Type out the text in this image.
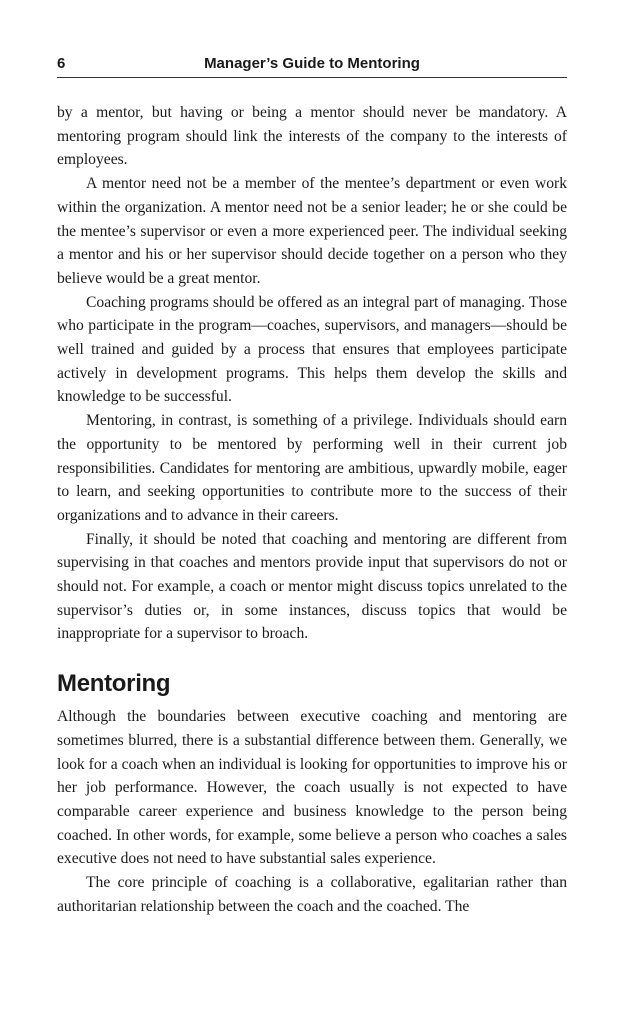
6	Manager’s Guide to Mentoring

by a mentor, but having or being a mentor should never be mandatory. A mentoring program should link the interests of the company to the interests of employees.

A mentor need not be a member of the mentee’s department or even work within the organization. A mentor need not be a senior leader; he or she could be the mentee’s supervisor or even a more experienced peer. The individual seeking a mentor and his or her supervisor should decide together on a person who they believe would be a great mentor.

Coaching programs should be offered as an integral part of managing. Those who participate in the program—coaches, supervisors, and managers—should be well trained and guided by a process that ensures that employees participate actively in development programs. This helps them develop the skills and knowledge to be successful.

Mentoring, in contrast, is something of a privilege. Individuals should earn the opportunity to be mentored by performing well in their current job responsibilities. Candidates for mentoring are ambitious, upwardly mobile, eager to learn, and seeking opportunities to contribute more to the success of their organizations and to advance in their careers.

Finally, it should be noted that coaching and mentoring are different from supervising in that coaches and mentors provide input that supervisors do not or should not. For example, a coach or mentor might discuss topics unrelated to the supervisor’s duties or, in some instances, discuss topics that would be inappropriate for a supervisor to broach.

Mentoring

Although the boundaries between executive coaching and mentoring are sometimes blurred, there is a substantial difference between them. Generally, we look for a coach when an individual is looking for opportunities to improve his or her job performance. However, the coach usually is not expected to have comparable career experience and business knowledge to the person being coached. In other words, for example, some believe a person who coaches a sales executive does not need to have substantial sales experience.

The core principle of coaching is a collaborative, egalitarian rather than authoritarian relationship between the coach and the coached. The
